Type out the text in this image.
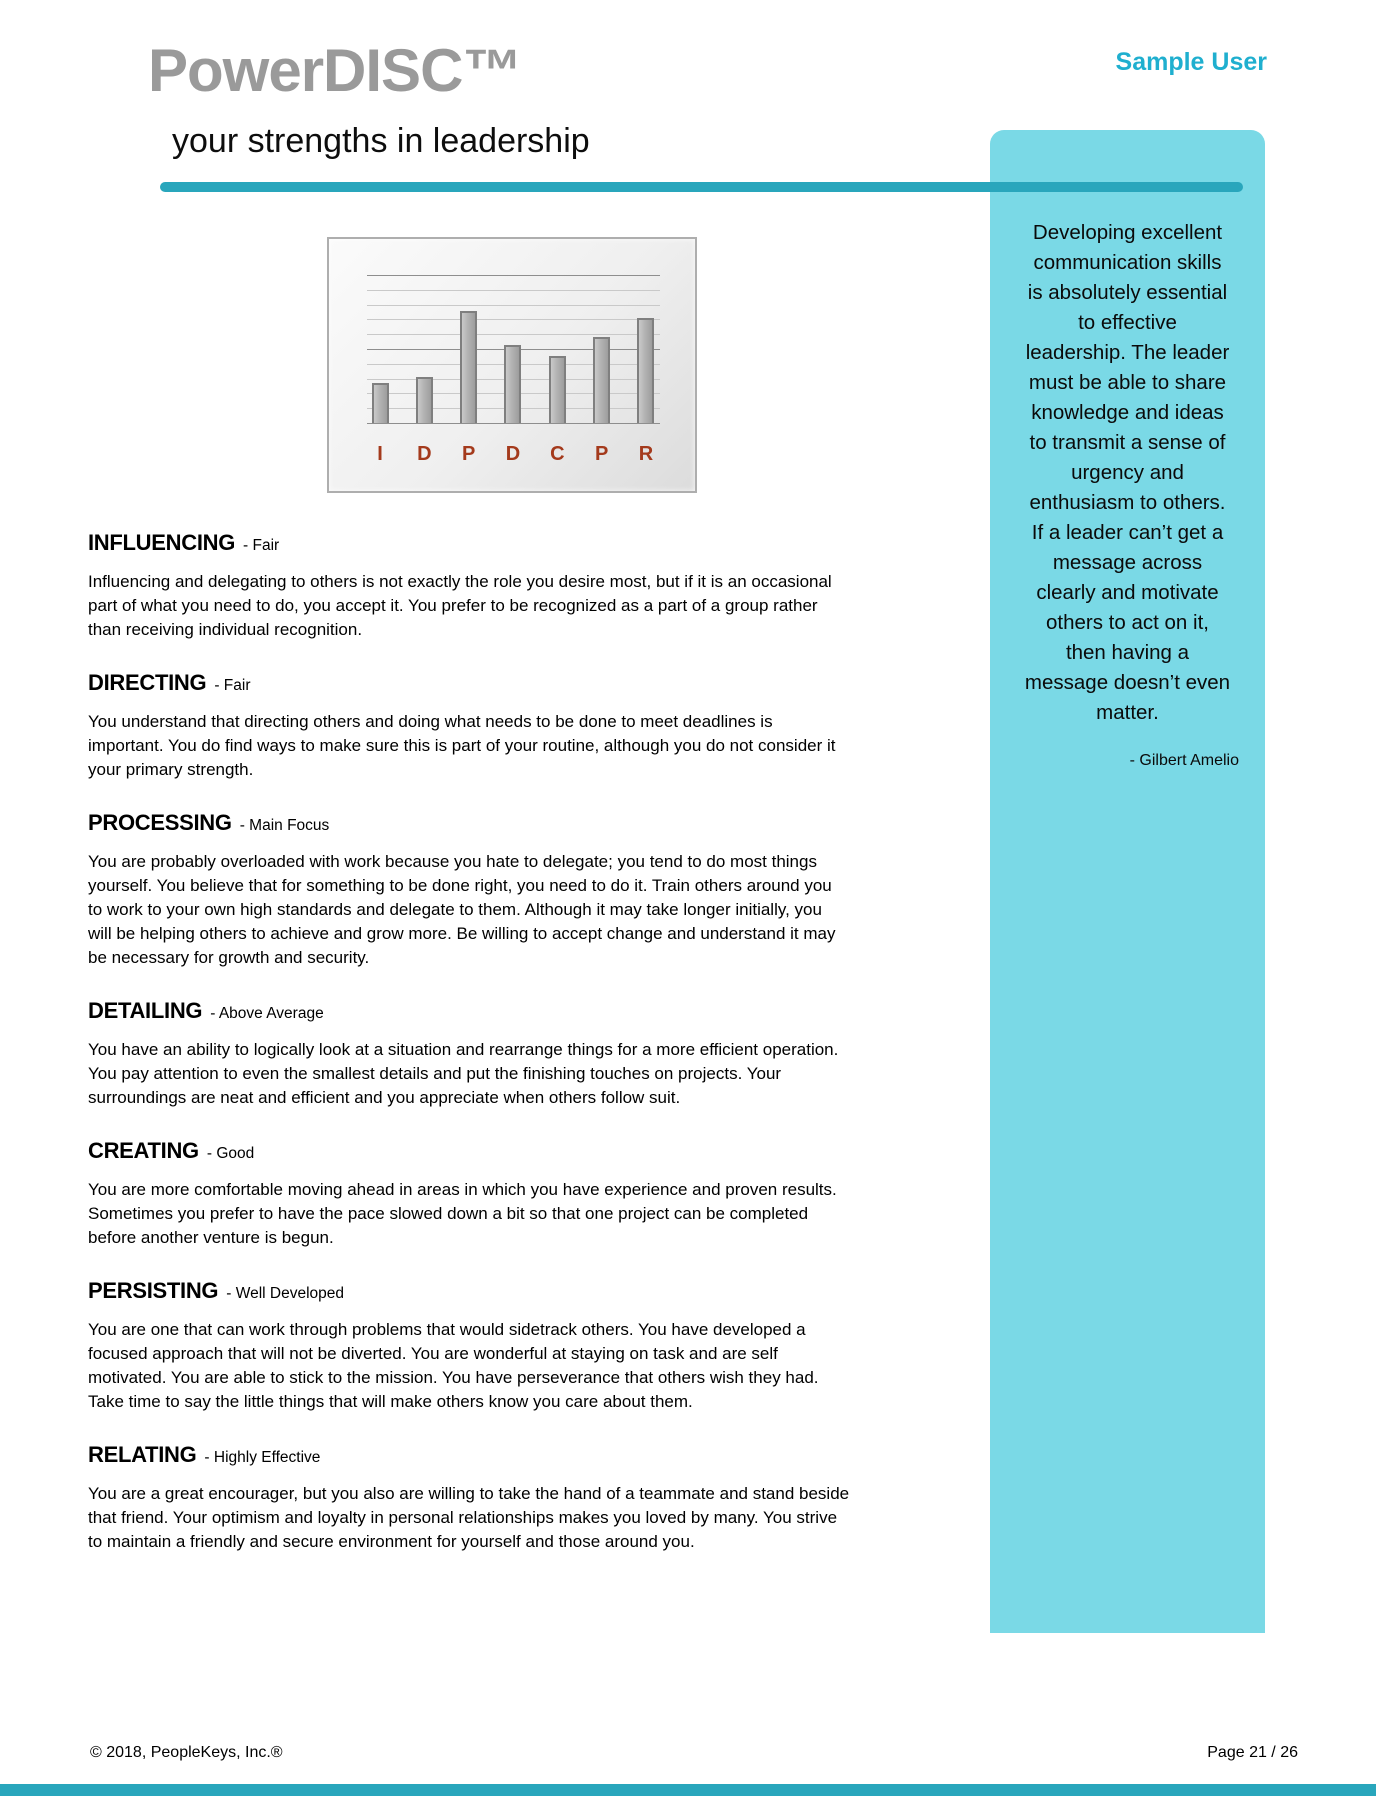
PowerDISC™
your strengths in leadership
Sample User
Developing excellent
communication skills
is absolutely essential
to effective
leadership. The leader
must be able to share
knowledge and ideas
to transmit a sense of
urgency and
enthusiasm to others.
If a leader can’t get a
message across
clearly and motivate
others to act on it,
then having a
message doesn’t even
matter.
- Gilbert Amelio
I	D	P	D	C	P	R
INFLUENCING - Fair

Influencing and delegating to others is not exactly the role you desire most, but if it is an occasional part of what you need to do, you accept it. You prefer to be recognized as a part of a group rather than receiving individual recognition.

DIRECTING - Fair

You understand that directing others and doing what needs to be done to meet deadlines is important. You do find ways to make sure this is part of your routine, although you do not consider it your primary strength.

PROCESSING - Main Focus

You are probably overloaded with work because you hate to delegate; you tend to do most things yourself. You believe that for something to be done right, you need to do it. Train others around you to work to your own high standards and delegate to them. Although it may take longer initially, you will be helping others to achieve and grow more. Be willing to accept change and understand it may be necessary for growth and security.

DETAILING - Above Average

You have an ability to logically look at a situation and rearrange things for a more efficient operation. You pay attention to even the smallest details and put the finishing touches on projects. Your surroundings are neat and efficient and you appreciate when others follow suit.

CREATING - Good

You are more comfortable moving ahead in areas in which you have experience and proven results. Sometimes you prefer to have the pace slowed down a bit so that one project can be completed before another venture is begun.

PERSISTING - Well Developed

You are one that can work through problems that would sidetrack others. You have developed a focused approach that will not be diverted. You are wonderful at staying on task and are self motivated. You are able to stick to the mission. You have perseverance that others wish they had. Take time to say the little things that will make others know you care about them.

RELATING - Highly Effective

You are a great encourager, but you also are willing to take the hand of a teammate and stand beside that friend. Your optimism and loyalty in personal relationships makes you loved by many. You strive to maintain a friendly and secure environment for yourself and those around you.

© 2018, PeopleKeys, Inc.®	Page 21 / 26
